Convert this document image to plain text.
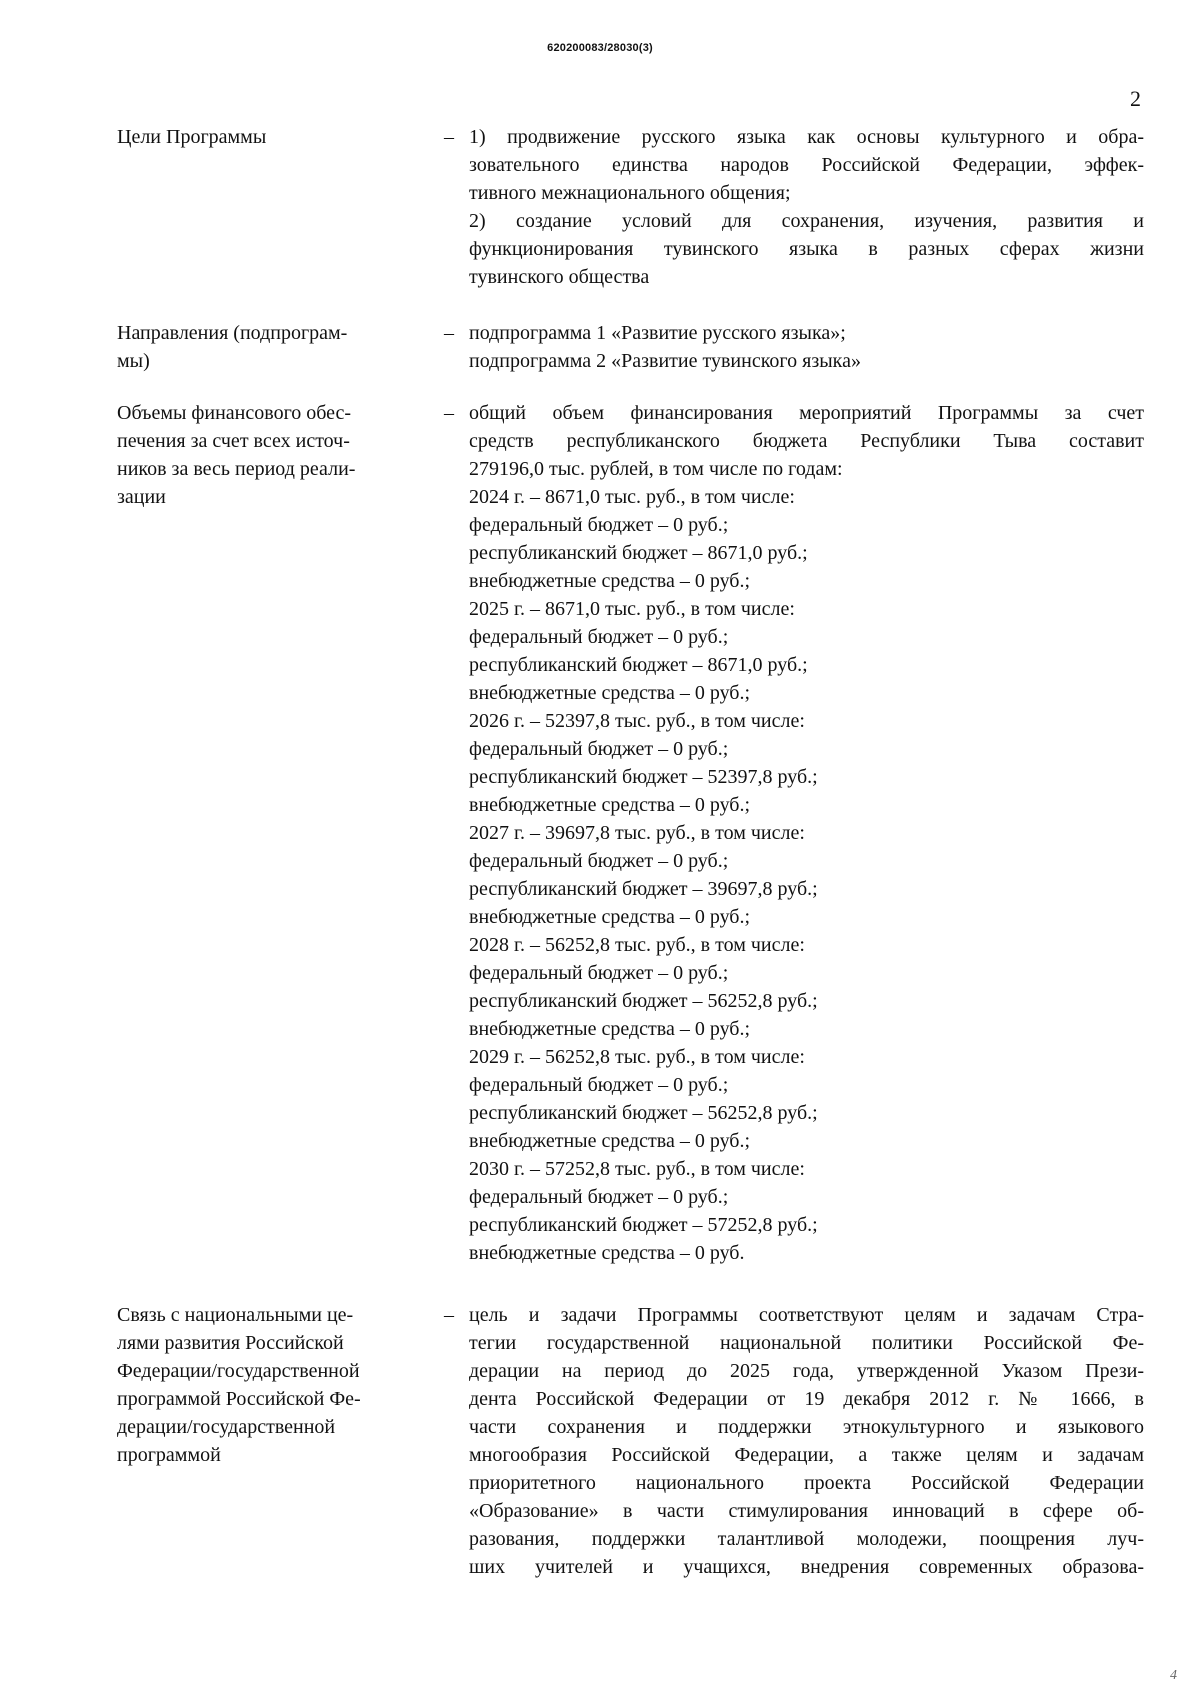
620200083/28030(3)
2
Цели Программы	– 1) продвижение русского языка как основы культурного и обра-
зовательного единства народов Российской Федерации, эффек-
тивного межнационального общения;
2) создание условий для сохранения, изучения, развития и
функционирования тувинского языка в разных сферах жизни
тувинского общества
Направления (подпрограм-
мы)
– подпрограмма 1 «Развитие русского языка»;
подпрограмма 2 «Развитие тувинского языка»
Объемы финансового обес-
печения за счет всех источ-
ников за весь период реали-
зации
– общий объем финансирования мероприятий Программы за счет
средств республиканского бюджета Республики Тыва составит
279196,0 тыс. рублей, в том числе по годам:
2024 г. – 8671,0 тыс. руб., в том числе:
федеральный бюджет – 0 руб.;
республиканский бюджет – 8671,0 руб.;
внебюджетные средства – 0 руб.;
2025 г. – 8671,0 тыс. руб., в том числе:
федеральный бюджет – 0 руб.;
республиканский бюджет – 8671,0 руб.;
внебюджетные средства – 0 руб.;
2026 г. – 52397,8 тыс. руб., в том числе:
федеральный бюджет – 0 руб.;
республиканский бюджет – 52397,8 руб.;
внебюджетные средства – 0 руб.;
2027 г. – 39697,8 тыс. руб., в том числе:
федеральный бюджет – 0 руб.;
республиканский бюджет – 39697,8 руб.;
внебюджетные средства – 0 руб.;
2028 г. – 56252,8 тыс. руб., в том числе:
федеральный бюджет – 0 руб.;
республиканский бюджет – 56252,8 руб.;
внебюджетные средства – 0 руб.;
2029 г. – 56252,8 тыс. руб., в том числе:
федеральный бюджет – 0 руб.;
республиканский бюджет – 56252,8 руб.;
внебюджетные средства – 0 руб.;
2030 г. – 57252,8 тыс. руб., в том числе:
федеральный бюджет – 0 руб.;
республиканский бюджет – 57252,8 руб.;
внебюджетные средства – 0 руб.
Связь с национальными це-
лями развития Российской
Федерации/государственной
программой Российской Фе-
дерации/государственной
программой
– цель и задачи Программы соответствуют целям и задачам Стра-
тегии государственной национальной политики Российской Фе-
дерации на период до 2025 года, утвержденной Указом Прези-
дента Российской Федерации от 19 декабря 2012 г. № 1666, в
части сохранения и поддержки этнокультурного и языкового
многообразия Российской Федерации, а также целям и задачам
приоритетного национального проекта Российской Федерации
«Образование» в части стимулирования инноваций в сфере об-
разования, поддержки талантливой молодежи, поощрения луч-
ших учителей и учащихся, внедрения современных образова-
4
